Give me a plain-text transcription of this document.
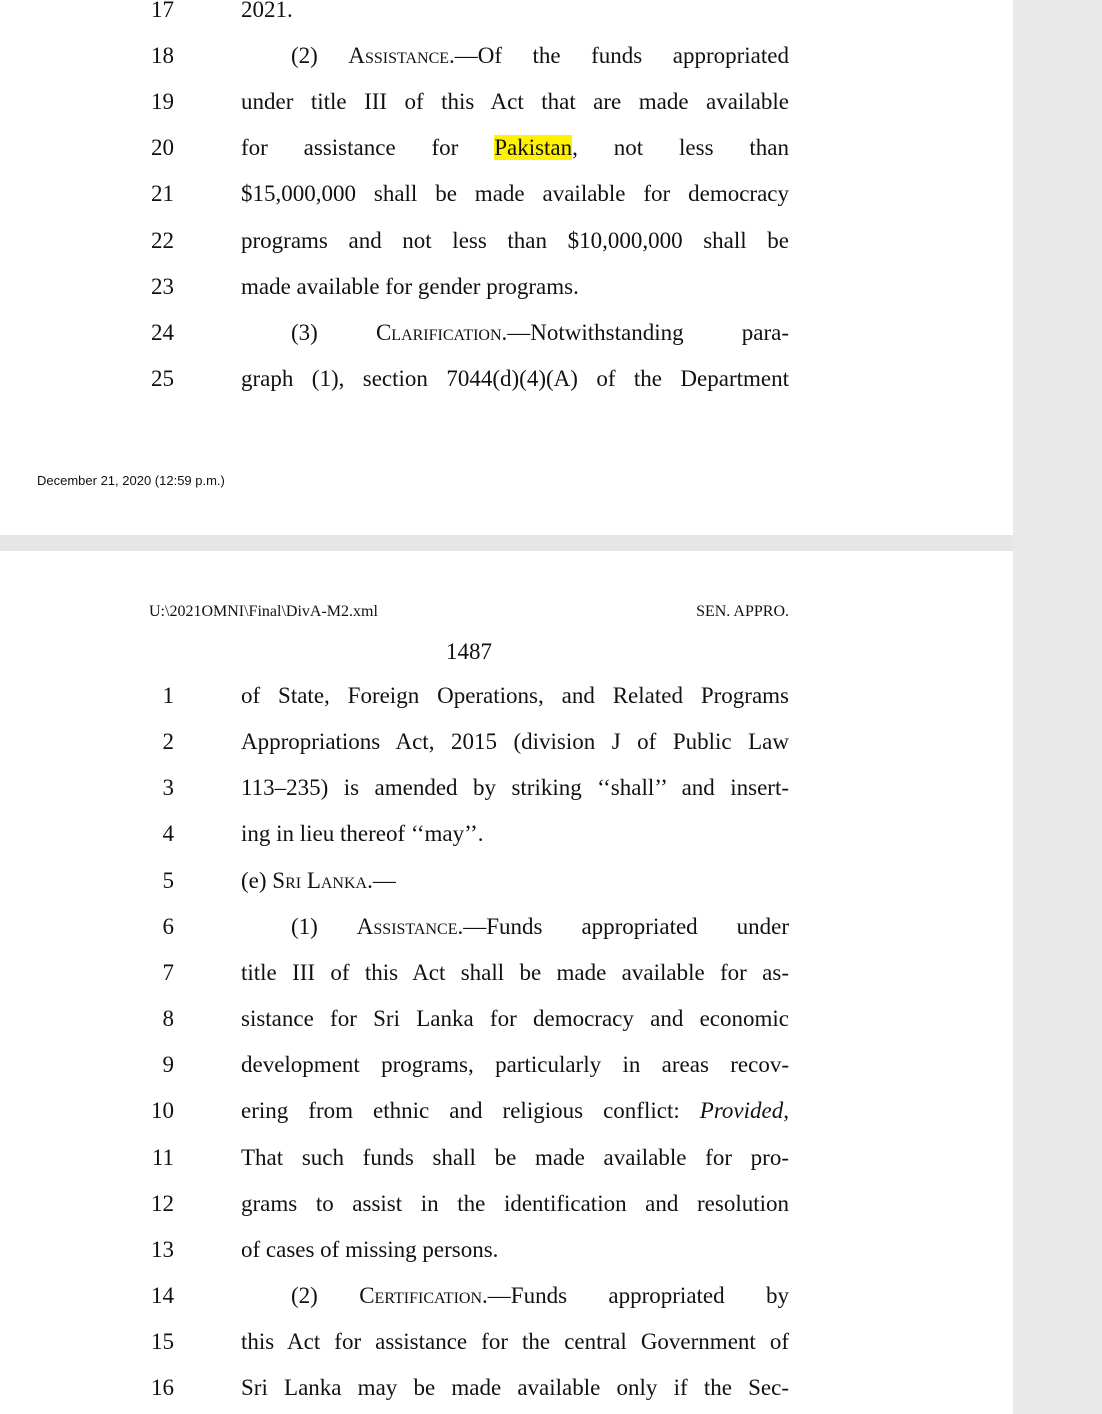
17	2021.
18	(2) Assistance.—Of the funds appropriated
19	under title III of this Act that are made available
20	for assistance for Pakistan, not less than
21	$15,000,000 shall be made available for democracy
22	programs and not less than $10,000,000 shall be
23	made available for gender programs.
24	(3) Clarification.—Notwithstanding para-
25	graph (1), section 7044(d)(4)(A) of the Department
December 21, 2020 (12:59 p.m.)
U:\2021OMNI\Final\DivA-M2.xml	SEN. APPRO.
1487
1	of State, Foreign Operations, and Related Programs
2	Appropriations Act, 2015 (division J of Public Law
3	113–235) is amended by striking ‘‘shall’’ and insert-
4	ing in lieu thereof ‘‘may’’.
5	(e) Sri Lanka.—
6	(1) Assistance.—Funds appropriated under
7	title III of this Act shall be made available for as-
8	sistance for Sri Lanka for democracy and economic
9	development programs, particularly in areas recov-
10	ering from ethnic and religious conflict: Provided,
11	That such funds shall be made available for pro-
12	grams to assist in the identification and resolution
13	of cases of missing persons.
14	(2) Certification.—Funds appropriated by
15	this Act for assistance for the central Government of
16	Sri Lanka may be made available only if the Sec-
